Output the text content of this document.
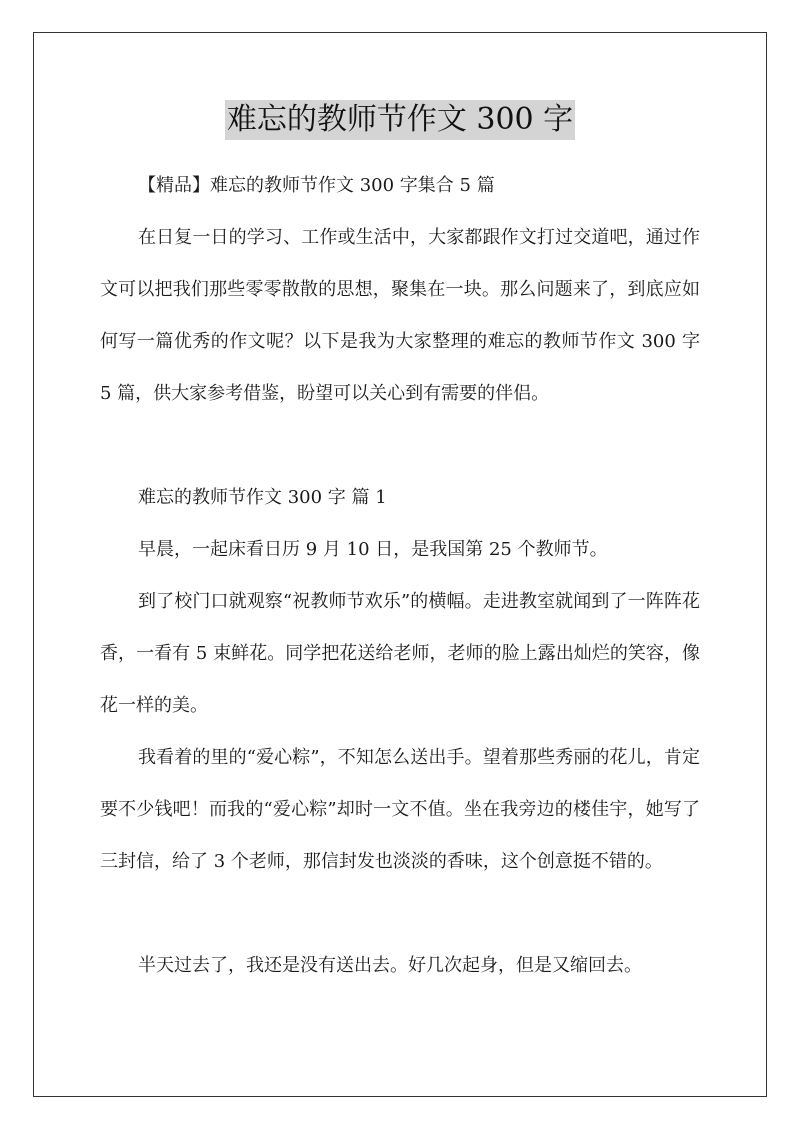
难忘的教师节作文 300 字

【精品】难忘的教师节作文 300 字集合 5 篇

在日复一日的学习、工作或生活中，大家都跟作文打过交道吧，通过作文可以把我们那些零零散散的思想，聚集在一块。那么问题来了，到底应如何写一篇优秀的作文呢？以下是我为大家整理的难忘的教师节作文 300 字 5 篇，供大家参考借鉴，盼望可以关心到有需要的伴侣。

难忘的教师节作文 300 字 篇 1

早晨，一起床看日历 9 月 10 日，是我国第 25 个教师节。

到了校门口就观察“祝教师节欢乐”的横幅。走进教室就闻到了一阵阵花香，一看有 5 束鲜花。同学把花送给老师，老师的脸上露出灿烂的笑容，像花一样的美。

我看着的里的“爱心粽”，不知怎么送出手。望着那些秀丽的花儿，肯定要不少钱吧！而我的“爱心粽”却时一文不值。坐在我旁边的楼佳宇，她写了三封信，给了 3 个老师，那信封发也淡淡的香味，这个创意挺不错的。

半天过去了，我还是没有送出去。好几次起身，但是又缩回去。
